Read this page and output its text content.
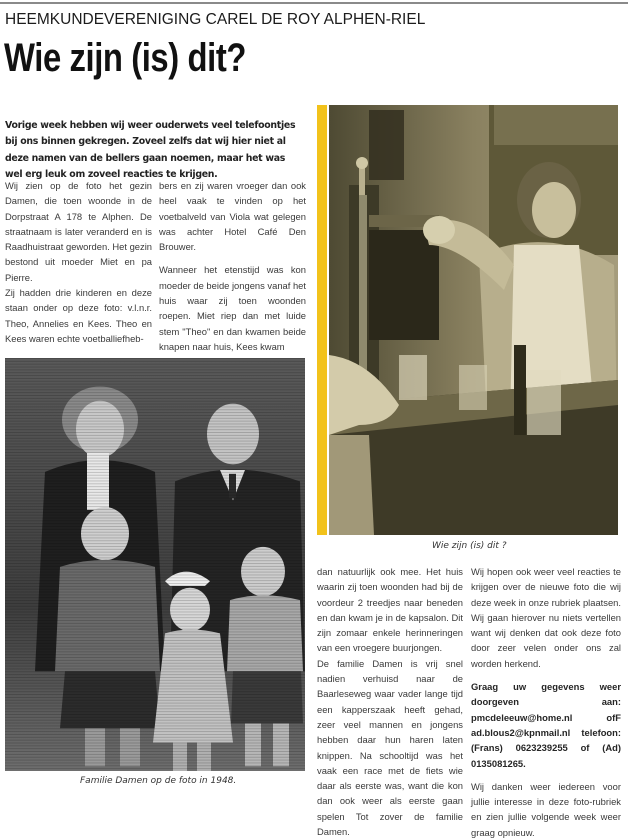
HEEMKUNDEVERENIGING CAREL DE ROY ALPHEN-RIEL
Wie zijn (is) dit?
Vorige week hebben wij weer ouderwets veel telefoontjes bij ons binnen gekregen. Zoveel zelfs dat wij hier niet al deze namen van de bellers gaan noemen, maar het was wel erg leuk om zoveel reacties te krijgen.

Wij zien op de foto het gezin Damen, die toen woonde in de Dorpstraat A 178 te Alphen. De straatnaam is later veranderd en is Raadhuistraat geworden. Het gezin bestond uit moeder Miet en pa Pierre.

Zij hadden drie kinderen en deze staan onder op deze foto: v.l.n.r. Theo, Annelies en Kees. Theo en Kees waren echte voetballiefheb-

bers en zij waren vroeger dan ook heel vaak te vinden op het voetbalveld van Viola wat gelegen was achter Hotel Café Den Brouwer.

Wanneer het etenstijd was kon moeder de beide jongens vanaf het huis waar zij toen woonden roepen. Miet riep dan met luide stem "Theo" en dan kwamen beide knapen naar huis, Kees kwam

Familie Damen op de foto in 1948.
Wie zijn (is) dit ?

dan natuurlijk ook mee. Het huis waarin zij toen woonden had bij de voordeur 2 treedjes naar beneden en dan kwam je in de kapsalon. Dit zijn zomaar enkele herinneringen van een vroegere buurjongen.

De familie Damen is vrij snel nadien verhuisd naar de Baarleseweg waar vader lange tijd een kapperszaak heeft gehad, zeer veel mannen en jongens hebben daar hun haren laten knippen. Na schooltijd was het vaak een race met de fiets wie daar als eerste was, want die kon dan ook weer als eerste gaan spelen Tot zover de familie Damen.

Wij hopen ook weer veel reacties te krijgen over de nieuwe foto die wij deze week in onze rubriek plaatsen. Wij gaan hierover nu niets vertellen want wij denken dat ook deze foto door zeer velen onder ons zal worden herkend.

Graag uw gegevens weer doorgeven aan: pmcdeleeuw@home.nl ofF ad.blous2@kpnmail.nl telefoon: (Frans) 0623239255 of (Ad) 0135081265.

Wij danken weer iedereen voor jullie interesse in deze foto-rubriek en zien jullie volgende week weer graag opnieuw.
